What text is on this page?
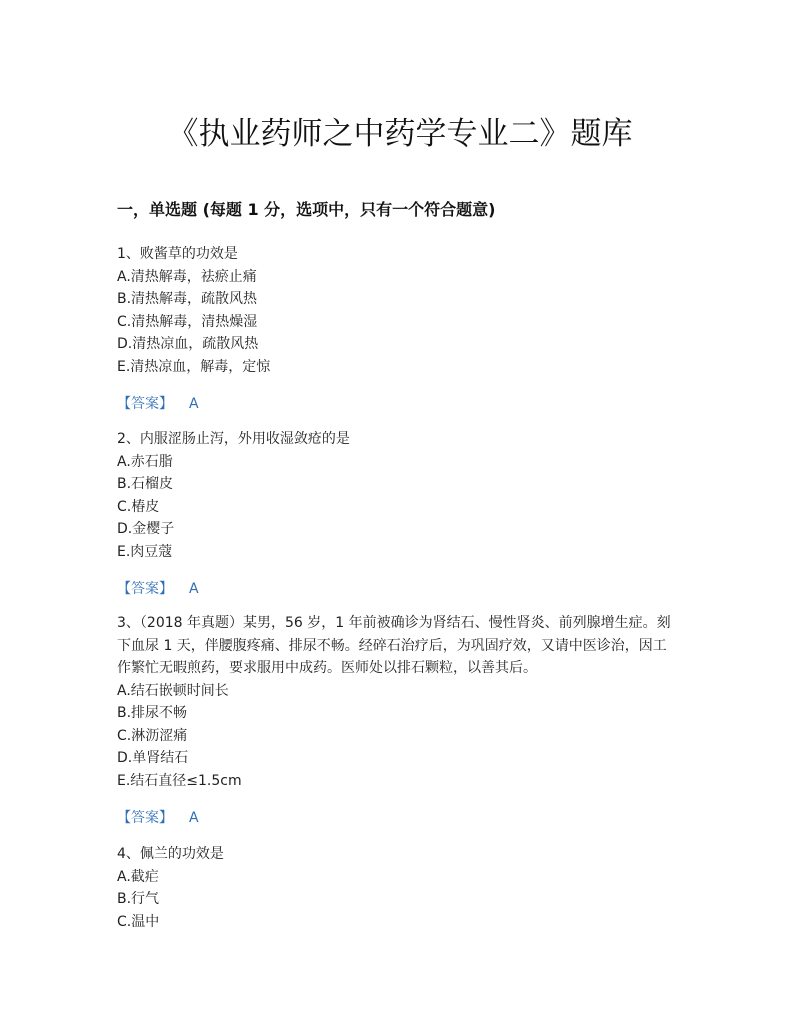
《执业药师之中药学专业二》题库
一，单选题 (每题 1 分，选项中，只有一个符合题意)

1、败酱草的功效是

A.清热解毒，祛瘀止痛

B.清热解毒，疏散风热

C.清热解毒，清热燥湿

D.清热凉血，疏散风热

E.清热凉血，解毒，定惊

【答案】 A

2、内服涩肠止泻，外用收湿敛疮的是

A.赤石脂

B.石榴皮

C.椿皮

D.金樱子

E.肉豆蔻

【答案】 A

3、（2018 年真题）某男，56 岁，1 年前被确诊为肾结石、慢性肾炎、前列腺增生症。刻

下血尿 1 天，伴腰腹疼痛、排尿不畅。经碎石治疗后，为巩固疗效，又请中医诊治，因工

作繁忙无暇煎药，要求服用中成药。医师处以排石颗粒，以善其后。

A.结石嵌顿时间长

B.排尿不畅

C.淋沥涩痛

D.单肾结石

E.结石直径≤1.5cm

【答案】 A

4、佩兰的功效是

A.截疟

B.行气

C.温中
